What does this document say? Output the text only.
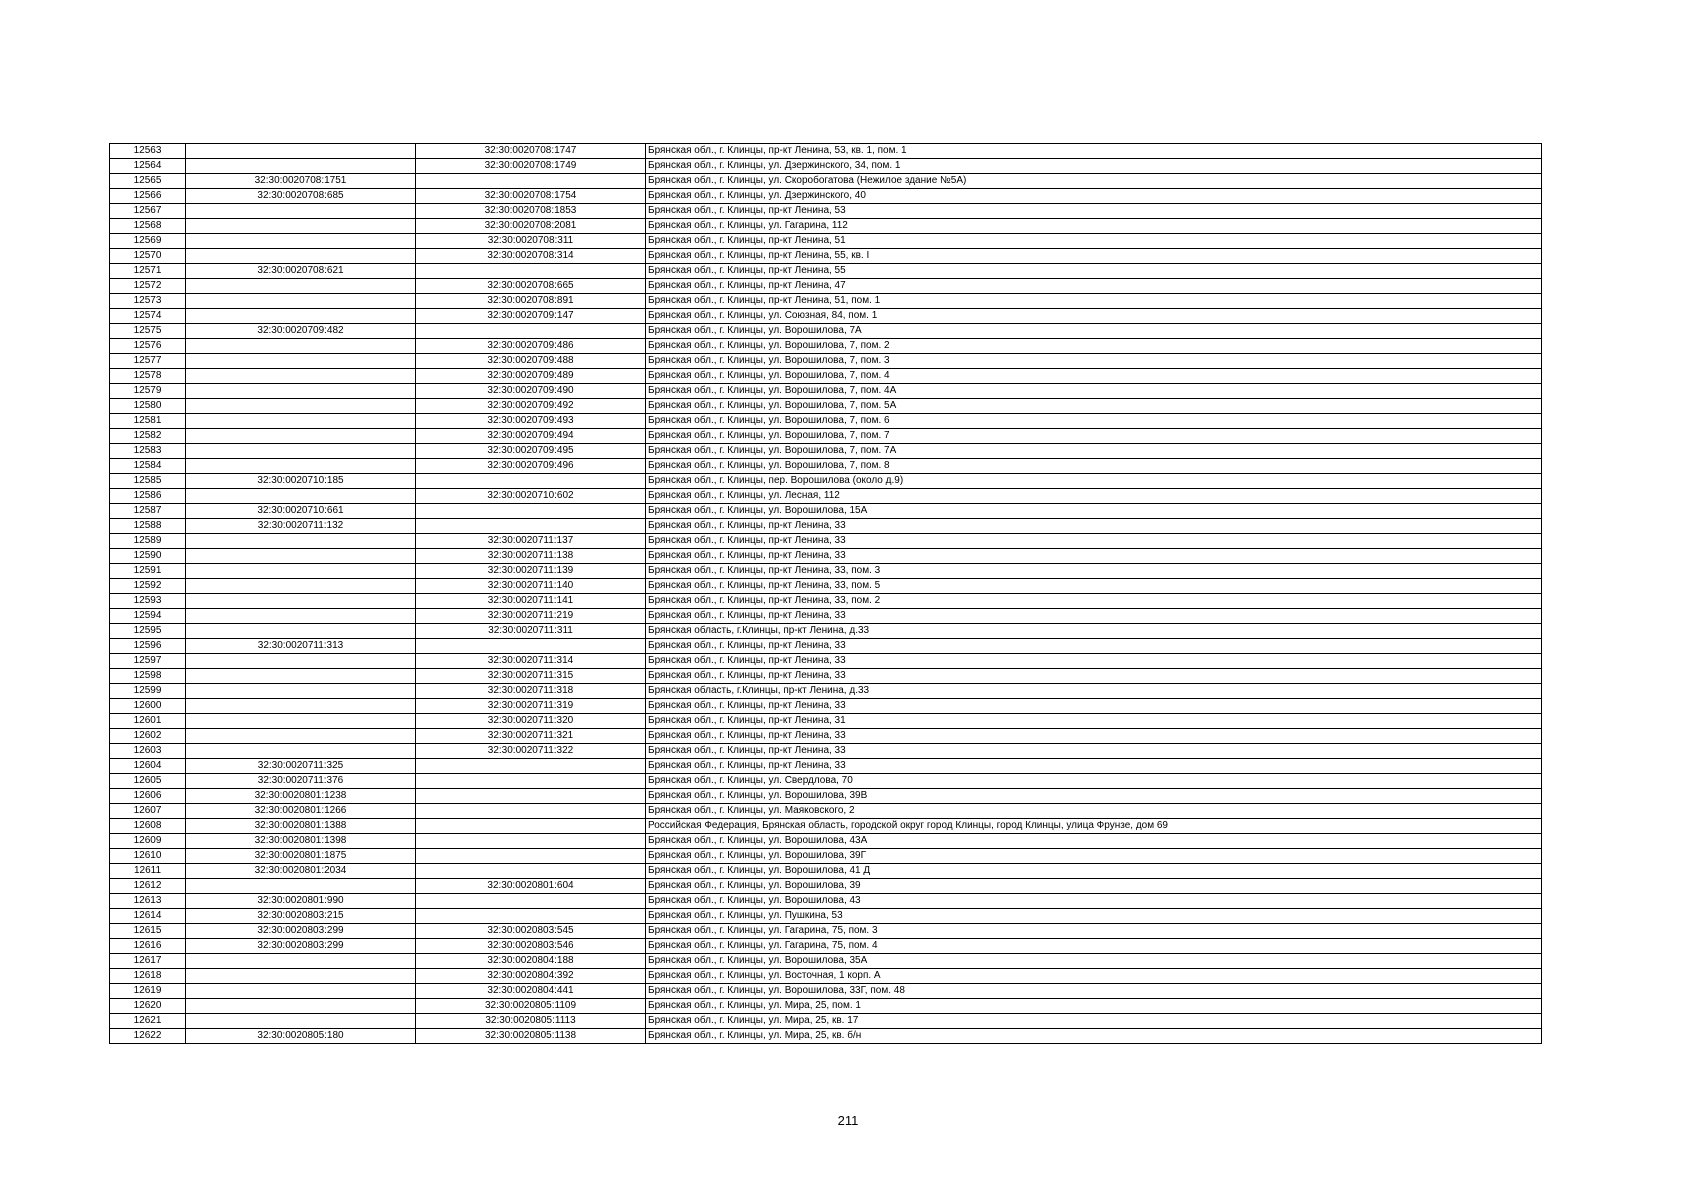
12563		32:30:0020708:1747	Брянская обл., г. Клинцы, пр-кт Ленина, 53, кв. 1, пом. 1
12564		32:30:0020708:1749	Брянская обл., г. Клинцы, ул. Дзержинского, 34, пом. 1
12565	32:30:0020708:1751		Брянская обл., г. Клинцы, ул. Скоробогатова (Нежилое здание №5А)
12566	32:30:0020708:685	32:30:0020708:1754	Брянская обл., г. Клинцы, ул. Дзержинского, 40
12567		32:30:0020708:1853	Брянская обл., г. Клинцы, пр-кт Ленина, 53
12568		32:30:0020708:2081	Брянская обл., г. Клинцы, ул. Гагарина, 112
12569		32:30:0020708:311	Брянская обл., г. Клинцы, пр-кт Ленина, 51
12570		32:30:0020708:314	Брянская обл., г. Клинцы, пр-кт Ленина, 55, кв. I
12571	32:30:0020708:621		Брянская обл., г. Клинцы, пр-кт Ленина, 55
12572		32:30:0020708:665	Брянская обл., г. Клинцы, пр-кт Ленина, 47
12573		32:30:0020708:891	Брянская обл., г. Клинцы, пр-кт Ленина, 51, пом. 1
12574		32:30:0020709:147	Брянская обл., г. Клинцы, ул. Союзная, 84, пом. 1
12575	32:30:0020709:482		Брянская обл., г. Клинцы, ул. Ворошилова, 7А
12576		32:30:0020709:486	Брянская обл., г. Клинцы, ул. Ворошилова, 7, пом. 2
12577		32:30:0020709:488	Брянская обл., г. Клинцы, ул. Ворошилова, 7, пом. 3
12578		32:30:0020709:489	Брянская обл., г. Клинцы, ул. Ворошилова, 7, пом. 4
12579		32:30:0020709:490	Брянская обл., г. Клинцы, ул. Ворошилова, 7, пом. 4А
12580		32:30:0020709:492	Брянская обл., г. Клинцы, ул. Ворошилова, 7, пом. 5А
12581		32:30:0020709:493	Брянская обл., г. Клинцы, ул. Ворошилова, 7, пом. 6
12582		32:30:0020709:494	Брянская обл., г. Клинцы, ул. Ворошилова, 7, пом. 7
12583		32:30:0020709:495	Брянская обл., г. Клинцы, ул. Ворошилова, 7, пом. 7А
12584		32:30:0020709:496	Брянская обл., г. Клинцы, ул. Ворошилова, 7, пом. 8
12585	32:30:0020710:185		Брянская обл., г. Клинцы, пер. Ворошилова (около д.9)
12586		32:30:0020710:602	Брянская обл., г. Клинцы, ул. Лесная, 112
12587	32:30:0020710:661		Брянская обл., г. Клинцы, ул. Ворошилова, 15А
12588	32:30:0020711:132		Брянская обл., г. Клинцы, пр-кт Ленина, 33
12589		32:30:0020711:137	Брянская обл., г. Клинцы, пр-кт Ленина, 33
12590		32:30:0020711:138	Брянская обл., г. Клинцы, пр-кт Ленина, 33
12591		32:30:0020711:139	Брянская обл., г. Клинцы, пр-кт Ленина, 33, пом. 3
12592		32:30:0020711:140	Брянская обл., г. Клинцы, пр-кт Ленина, 33, пом. 5
12593		32:30:0020711:141	Брянская обл., г. Клинцы, пр-кт Ленина, 33, пом. 2
12594		32:30:0020711:219	Брянская обл., г. Клинцы, пр-кт Ленина, 33
12595		32:30:0020711:311	Брянская область, г.Клинцы, пр-кт Ленина, д.33
12596	32:30:0020711:313		Брянская обл., г. Клинцы, пр-кт Ленина, 33
12597		32:30:0020711:314	Брянская обл., г. Клинцы, пр-кт Ленина, 33
12598		32:30:0020711:315	Брянская обл., г. Клинцы, пр-кт Ленина, 33
12599		32:30:0020711:318	Брянская область, г.Клинцы, пр-кт Ленина, д.33
12600		32:30:0020711:319	Брянская обл., г. Клинцы, пр-кт Ленина, 33
12601		32:30:0020711:320	Брянская обл., г. Клинцы, пр-кт Ленина, 31
12602		32:30:0020711:321	Брянская обл., г. Клинцы, пр-кт Ленина, 33
12603		32:30:0020711:322	Брянская обл., г. Клинцы, пр-кт Ленина, 33
12604	32:30:0020711:325		Брянская обл., г. Клинцы, пр-кт Ленина, 33
12605	32:30:0020711:376		Брянская обл., г. Клинцы, ул. Свердлова, 70
12606	32:30:0020801:1238		Брянская обл., г. Клинцы, ул. Ворошилова, 39В
12607	32:30:0020801:1266		Брянская обл., г. Клинцы, ул. Маяковского, 2
12608	32:30:0020801:1388		Российская Федерация, Брянская область, городской округ город Клинцы, город Клинцы, улица Фрунзе, дом 69
12609	32:30:0020801:1398		Брянская обл., г. Клинцы, ул. Ворошилова, 43А
12610	32:30:0020801:1875		Брянская обл., г. Клинцы, ул. Ворошилова, 39Г
12611	32:30:0020801:2034		Брянская обл., г. Клинцы, ул. Ворошилова, 41 Д
12612		32:30:0020801:604	Брянская обл., г. Клинцы, ул. Ворошилова, 39
12613	32:30:0020801:990		Брянская обл., г. Клинцы, ул. Ворошилова, 43
12614	32:30:0020803:215		Брянская обл., г. Клинцы, ул. Пушкина, 53
12615	32:30:0020803:299	32:30:0020803:545	Брянская обл., г. Клинцы, ул. Гагарина, 75, пом. 3
12616	32:30:0020803:299	32:30:0020803:546	Брянская обл., г. Клинцы, ул. Гагарина, 75, пом. 4
12617		32:30:0020804:188	Брянская обл., г. Клинцы, ул. Ворошилова, 35А
12618		32:30:0020804:392	Брянская обл., г. Клинцы, ул. Восточная, 1 корп. А
12619		32:30:0020804:441	Брянская обл., г. Клинцы, ул. Ворошилова, 33Г, пом. 48
12620		32:30:0020805:1109	Брянская обл., г. Клинцы, ул. Мира, 25, пом. 1
12621		32:30:0020805:1113	Брянская обл., г. Клинцы, ул. Мира, 25, кв. 17
12622	32:30:0020805:180	32:30:0020805:1138	Брянская обл., г. Клинцы, ул. Мира, 25, кв. б/н
211
